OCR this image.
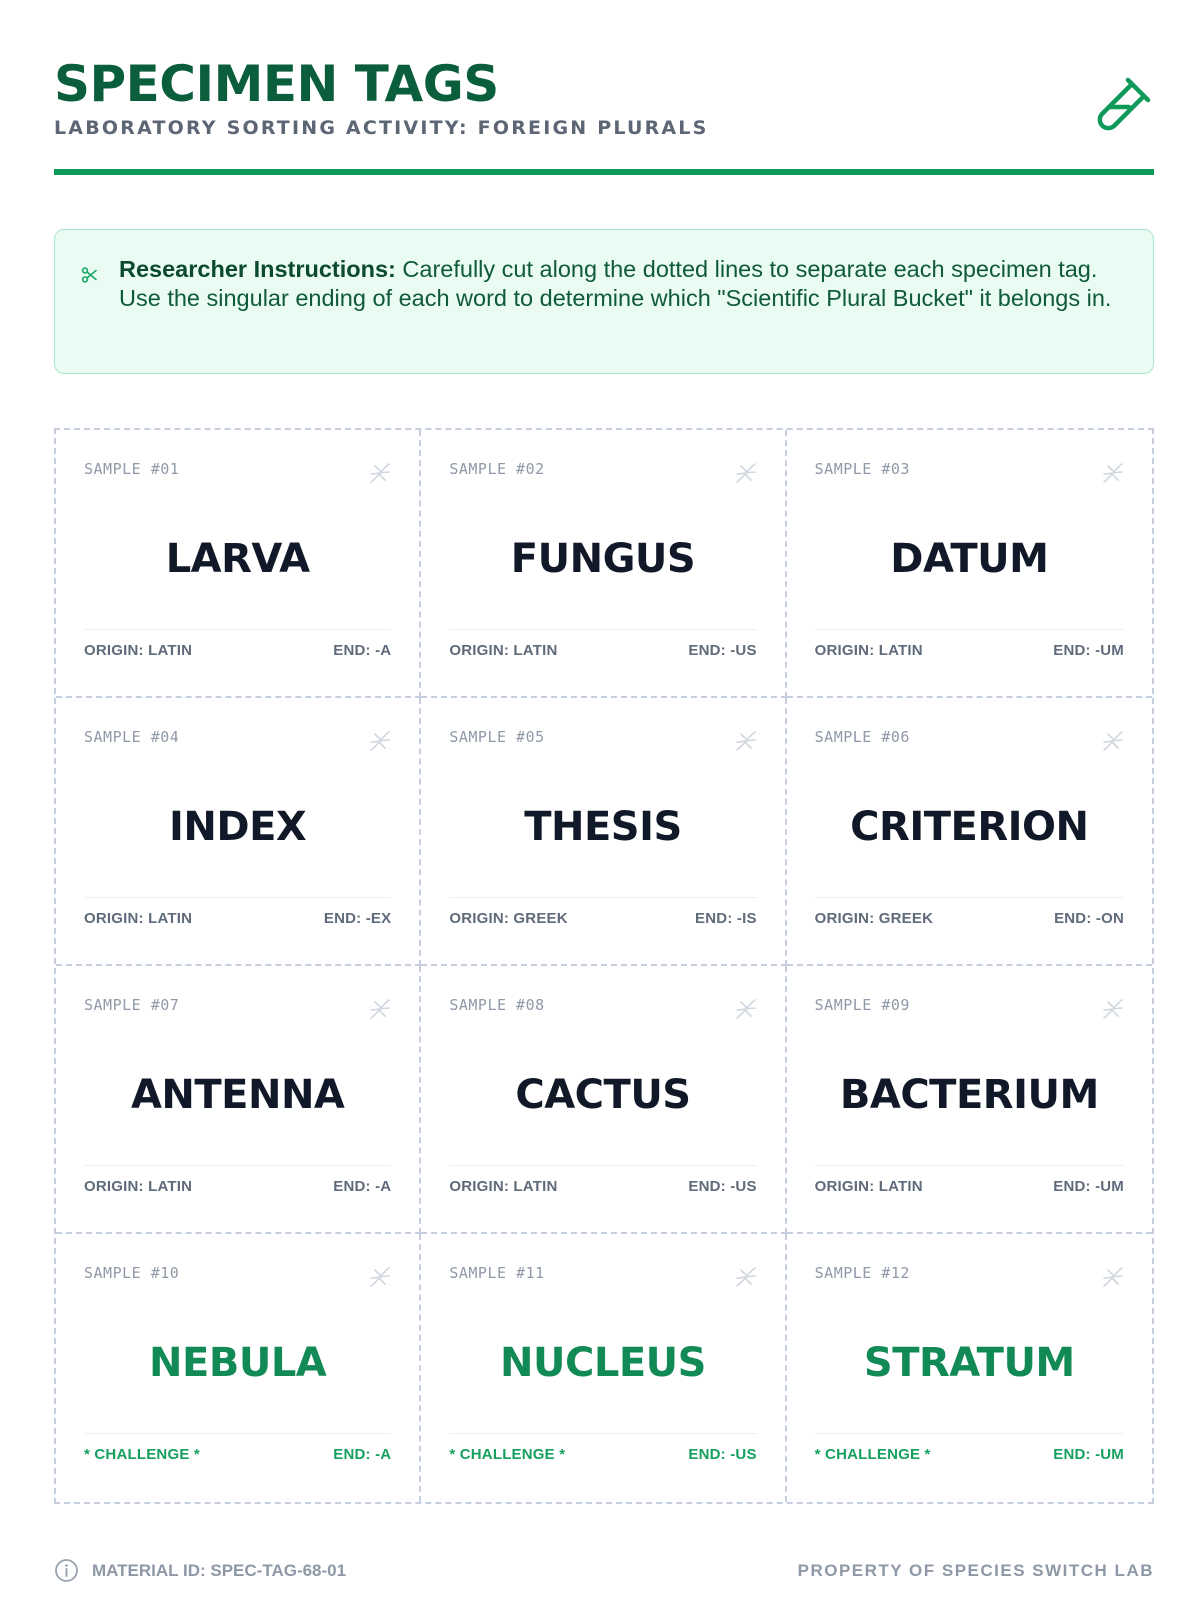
SPECIMEN TAGS
LABORATORY SORTING ACTIVITY: FOREIGN PLURALS
Researcher Instructions: Carefully cut along the dotted lines to separate each specimen tag. Use the singular ending of each word to determine which "Scientific Plural Bucket" it belongs in.
SAMPLE #01
LARVA
ORIGIN: LATIN	END: -A
SAMPLE #02
FUNGUS
ORIGIN: LATIN	END: -US
SAMPLE #03
DATUM
ORIGIN: LATIN	END: -UM
SAMPLE #04
INDEX
ORIGIN: LATIN	END: -EX
SAMPLE #05
THESIS
ORIGIN: GREEK	END: -IS
SAMPLE #06
CRITERION
ORIGIN: GREEK	END: -ON
SAMPLE #07
ANTENNA
ORIGIN: LATIN	END: -A
SAMPLE #08
CACTUS
ORIGIN: LATIN	END: -US
SAMPLE #09
BACTERIUM
ORIGIN: LATIN	END: -UM
SAMPLE #10
NEBULA
* CHALLENGE *	END: -A
SAMPLE #11
NUCLEUS
* CHALLENGE *	END: -US
SAMPLE #12
STRATUM
* CHALLENGE *	END: -UM
MATERIAL ID: SPEC-TAG-68-01	PROPERTY OF SPECIES SWITCH LAB
